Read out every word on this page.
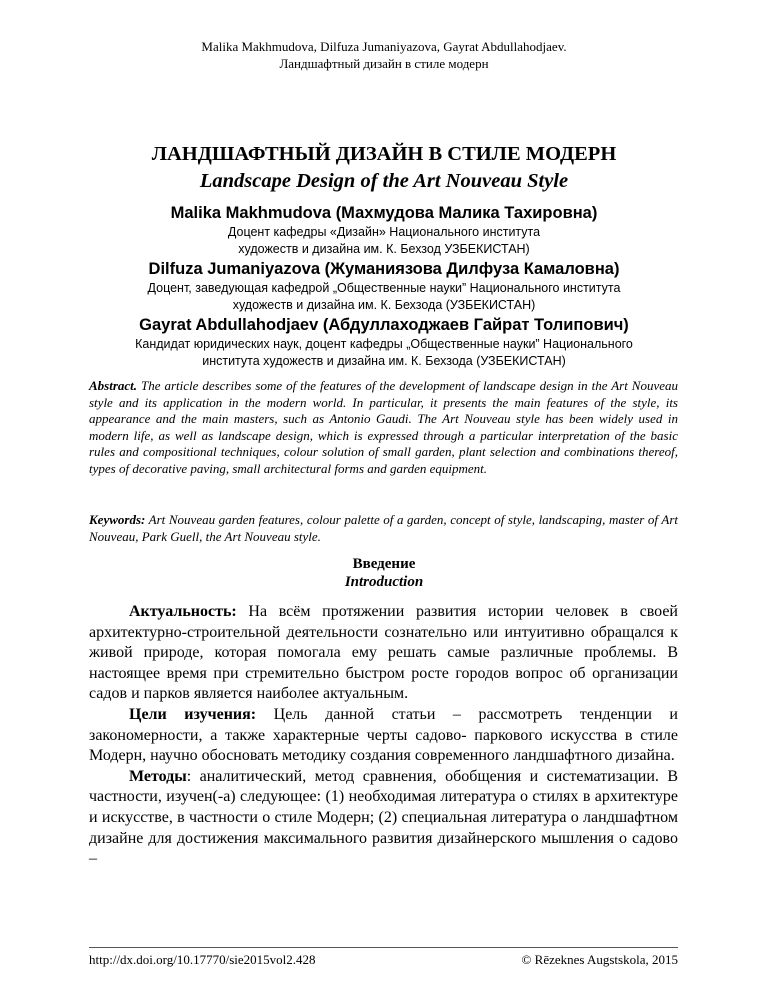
Malika Makhmudova, Dilfuza Jumaniyazova, Gayrat Abdullahodjaev.
Ландшафтный дизайн в стиле модерн
ЛАНДШАФТНЫЙ ДИЗАЙН В СТИЛЕ МОДЕРН
Landscape Design of the Art Nouveau Style
Malika Makhmudova (Махмудова Малика Тахировна)
Доцент кафедры «Дизайн» Национального института
художеств и дизайна им. К. Бехзод УЗБЕКИСТАН)
Dilfuza Jumaniyazova (Жуманиязова Дилфуза Камаловна)
Доцент, заведующая кафедрой „Общественные науки” Национального института
художеств и дизайна им. К. Бехзода (УЗБЕКИСТАН)
Gayrat Abdullahodjaev (Абдуллаходжаев Гайрат Толипович)
Кандидат юридических наук, доцент кафедры „Общественные науки” Национального
института художеств и дизайна им. К. Бехзода (УЗБЕКИСТАН)
Abstract. The article describes some of the features of the development of landscape design in the Art Nouveau style and its application in the modern world. In particular, it presents the main features of the style, its appearance and the main masters, such as Antonio Gaudi. The Art Nouveau style has been widely used in modern life, as well as landscape design, which is expressed through a particular interpretation of the basic rules and compositional techniques, colour solution of small garden, plant selection and combinations thereof, types of decorative paving, small architectural forms and garden equipment.
Keywords: Art Nouveau garden features, colour palette of a garden, concept of style, landscaping, master of Art Nouveau, Park Guell, the Art Nouveau style.
Введение
Introduction

Актуальность: На всём протяжении развития истории человек в своей архитектурно-строительной деятельности сознательно или интуитивно обращался к живой природе, которая помогала ему решать самые различные проблемы. В настоящее время при стремительно быстром росте городов вопрос об организации садов и парков является наиболее актуальным.

Цели изучения: Цель данной статьи – рассмотреть тенденции и закономерности, а также характерные черты садово- паркового искусства в стиле Модерн, научно обосновать методику создания современного ландшафтного дизайна.

Методы: аналитический, метод сравнения, обобщения и систематизации. В частности, изучен(-а) следующее: (1) необходимая литература о стилях в архитектуре и искусстве, в частности о стиле Модерн; (2) специальная литература о ландшафтном дизайне для достижения максимального развития дизайнерского мышления о садово –

http://dx.doi.org/10.17770/sie2015vol2.428	© Rēzeknes Augstskola, 2015
